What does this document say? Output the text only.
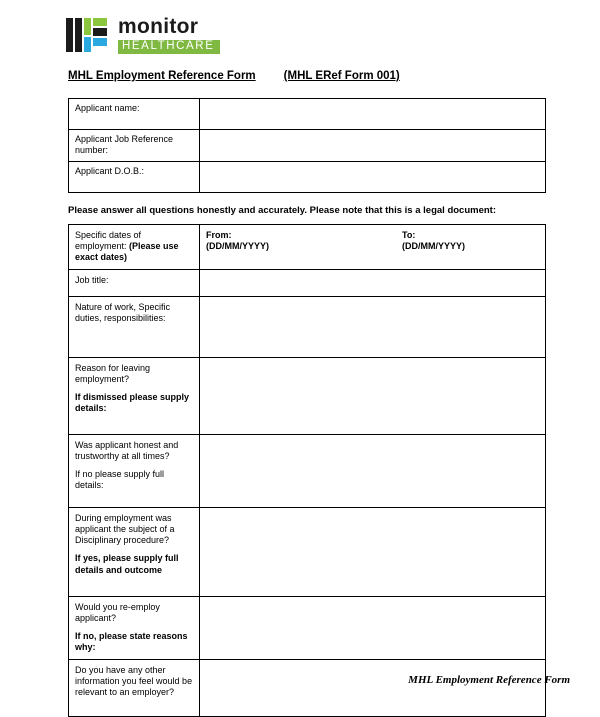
monitor
HEALTHCARE
MHL Employment Reference Form (MHL ERef Form 001)
Applicant name:	
Applicant Job Reference number:	
Applicant D.O.B.:	
Please answer all questions honestly and accurately. Please note that this is a legal document:
Specific dates of employment: (Please use exact dates)	From:
(DD/MM/YYYY)
To:
(DD/MM/YYYY)

Job title:	
Nature of work, Specific duties, responsibilities:	

Reason for leaving employment?
If dismissed please supply details:	

Was applicant honest and trustworthy at all times?
If no please supply full details:	

During employment was applicant the subject of a Disciplinary procedure?
If yes, please supply full details and outcome	

Would you re-employ applicant?
If no, please state reasons why:	

Do you have any other information you feel would be relevant to an employer?	
MHL Employment Reference Form
